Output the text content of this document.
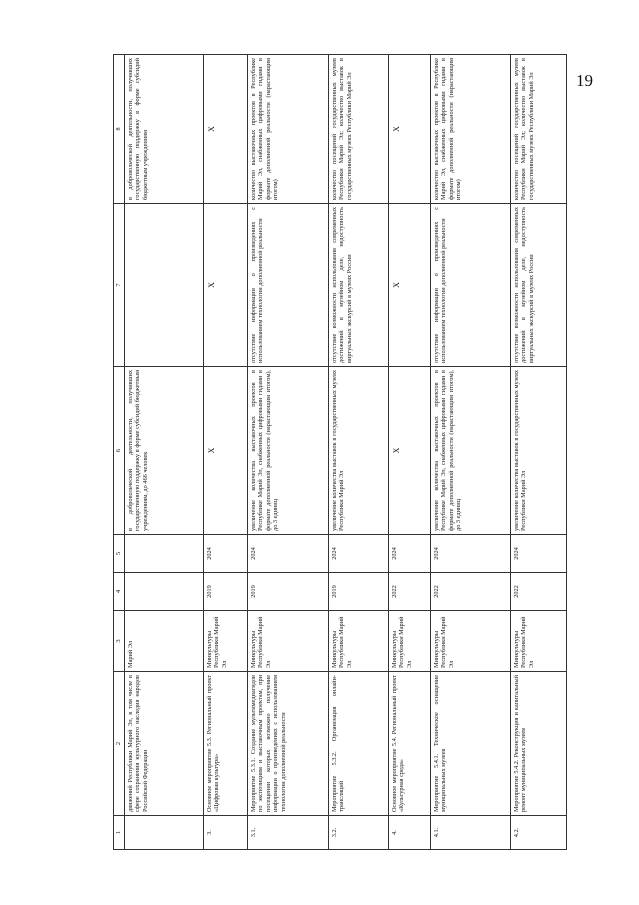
19
1	2	3	4	5	6	7	8
	движений Республики Марий Эл, в том числе в сфере сохранения культурного наследия народов Российской Федерации	Марий Эл			в добровольческой деятельности, получивших государственную поддержку в форме субсидий бюджетным учреждениям, до 466 человек		в добровольческой деятельности, получивших государственную поддержку в форме субсидий бюджетным учреждениям
3.	Основное мероприятие 5.3. Региональный проект «Цифровая культура»	Минкультуры Республики Марий Эл	2019	2024	X	X	X

3.1.	Мероприятие 5.3.1. Создание мультимедиагидов по экспозициям и выставочным проектам, при посещении которых возможно получение информации о произведениях с использованием технологии дополненной реальности	Минкультуры Республики Марий Эл	2019	2024	увеличение количества выставочных проектов в Республике Марий Эл, снабженных цифровыми гидами в формате дополненной реальности (нарастающим итогом), до 3 единиц	отсутствие информации о произведениях с использованием технологии дополненной реальности	количество выставочных проектов в Республике Марий Эл, снабженных цифровыми гидами в формате дополненной реальности (нарастающим итогом)
3.2.	Мероприятие 5.3.2. Организация онлайн-трансляций	Минкультуры Республики Марий Эл	2019	2024	увеличение количества выставок в государственных музеях Республики Марий Эл	отсутствие возможности использования современных достижений в музейном деле, недоступность виртуальных экскурсий в музеях России	количество посещений государственных музеев Республики Марий Эл; количество выставок в государственных музеях Республики Марий Эл
4.	Основное мероприятие 5.4. Региональный проект «Культурная среда»	Минкультуры Республики Марий Эл	2022	2024	X	X	X

4.1.	Мероприятие 5.4.1. Техническое оснащение муниципальных музеев	Минкультуры Республики Марий Эл	2022	2024	увеличение количества выставочных проектов в Республике Марий Эл, снабженных цифровыми гидами в формате дополненной реальности (нарастающим итогом), до 3 единиц	отсутствие информации о произведениях с использованием технологии дополненной реальности	количество выставочных проектов в Республике Марий Эл, снабженных цифровыми гидами в формате дополненной реальности (нарастающим итогом)
4.2.	Мероприятие 5.4.2. Реконструкция и капитальный ремонт муниципальных музеев	Минкультуры Республики Марий Эл	2022	2024	увеличение количества выставок в государственных музеях Республики Марий Эл	отсутствие возможности использования современных достижений в музейном деле, недоступность виртуальных экскурсий в музеях России	количество посещений государственных музеев Республики Марий Эл; количество выставок в государственных музеях Республики Марий Эл
